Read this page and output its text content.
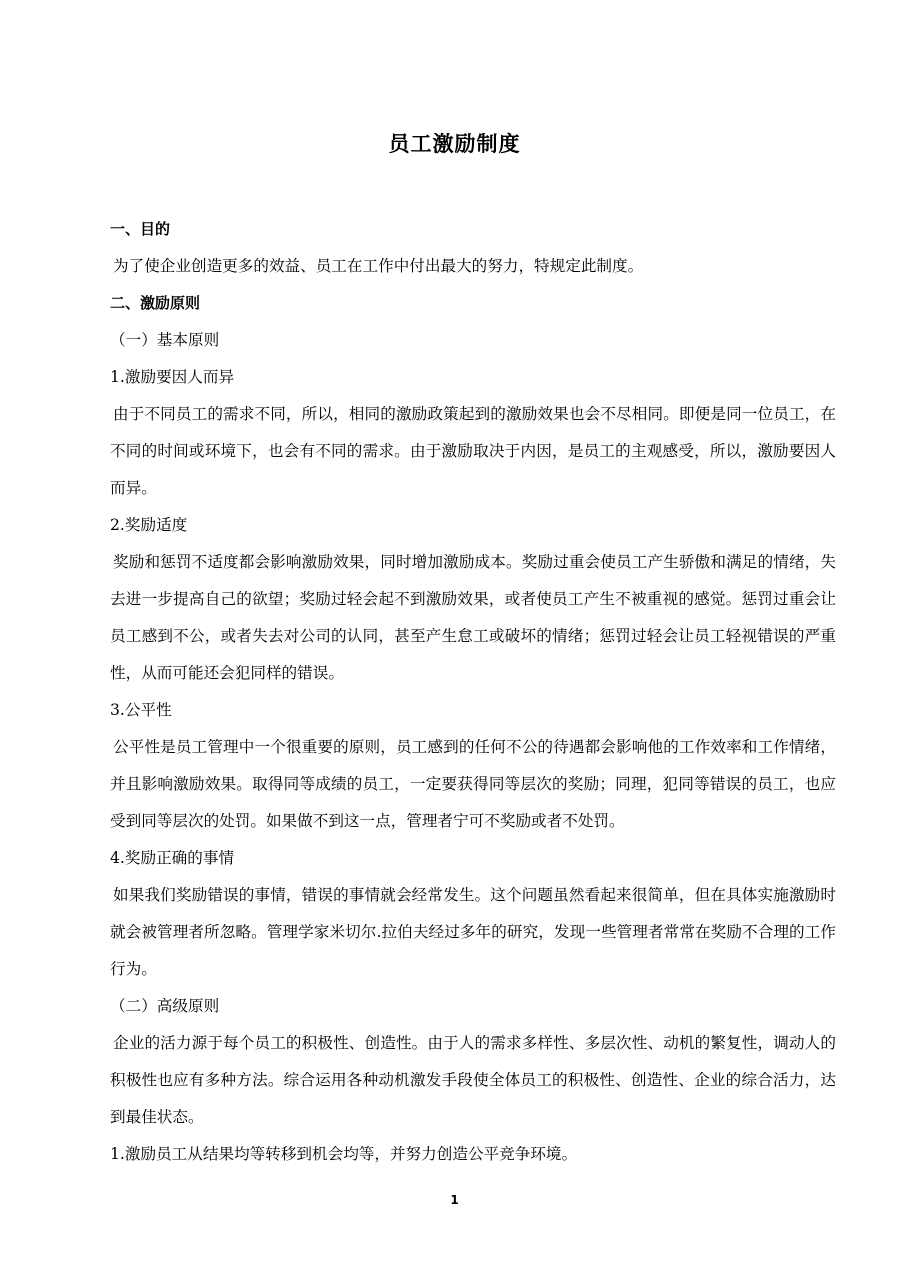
员工激励制度

一、目的

为了使企业创造更多的效益、员工在工作中付出最大的努力，特规定此制度。

二、激励原则

（一）基本原则

1.激励要因人而异

由于不同员工的需求不同，所以，相同的激励政策起到的激励效果也会不尽相同。即便是同一位员工，在不同的时间或环境下，也会有不同的需求。由于激励取决于内因，是员工的主观感受，所以，激励要因人而异。

2.奖励适度

奖励和惩罚不适度都会影响激励效果，同时增加激励成本。奖励过重会使员工产生骄傲和满足的情绪，失去进一步提高自己的欲望；奖励过轻会起不到激励效果，或者使员工产生不被重视的感觉。惩罚过重会让员工感到不公，或者失去对公司的认同，甚至产生怠工或破坏的情绪；惩罚过轻会让员工轻视错误的严重性，从而可能还会犯同样的错误。

3.公平性

公平性是员工管理中一个很重要的原则，员工感到的任何不公的待遇都会影响他的工作效率和工作情绪，并且影响激励效果。取得同等成绩的员工，一定要获得同等层次的奖励；同理，犯同等错误的员工，也应受到同等层次的处罚。如果做不到这一点，管理者宁可不奖励或者不处罚。

4.奖励正确的事情

如果我们奖励错误的事情，错误的事情就会经常发生。这个问题虽然看起来很简单，但在具体实施激励时就会被管理者所忽略。管理学家米切尔.拉伯夫经过多年的研究，发现一些管理者常常在奖励不合理的工作行为。

（二）高级原则

企业的活力源于每个员工的积极性、创造性。由于人的需求多样性、多层次性、动机的繁复性，调动人的积极性也应有多种方法。综合运用各种动机激发手段使全体员工的积极性、创造性、企业的综合活力，达到最佳状态。

1.激励员工从结果均等转移到机会均等，并努力创造公平竞争环境。

1
